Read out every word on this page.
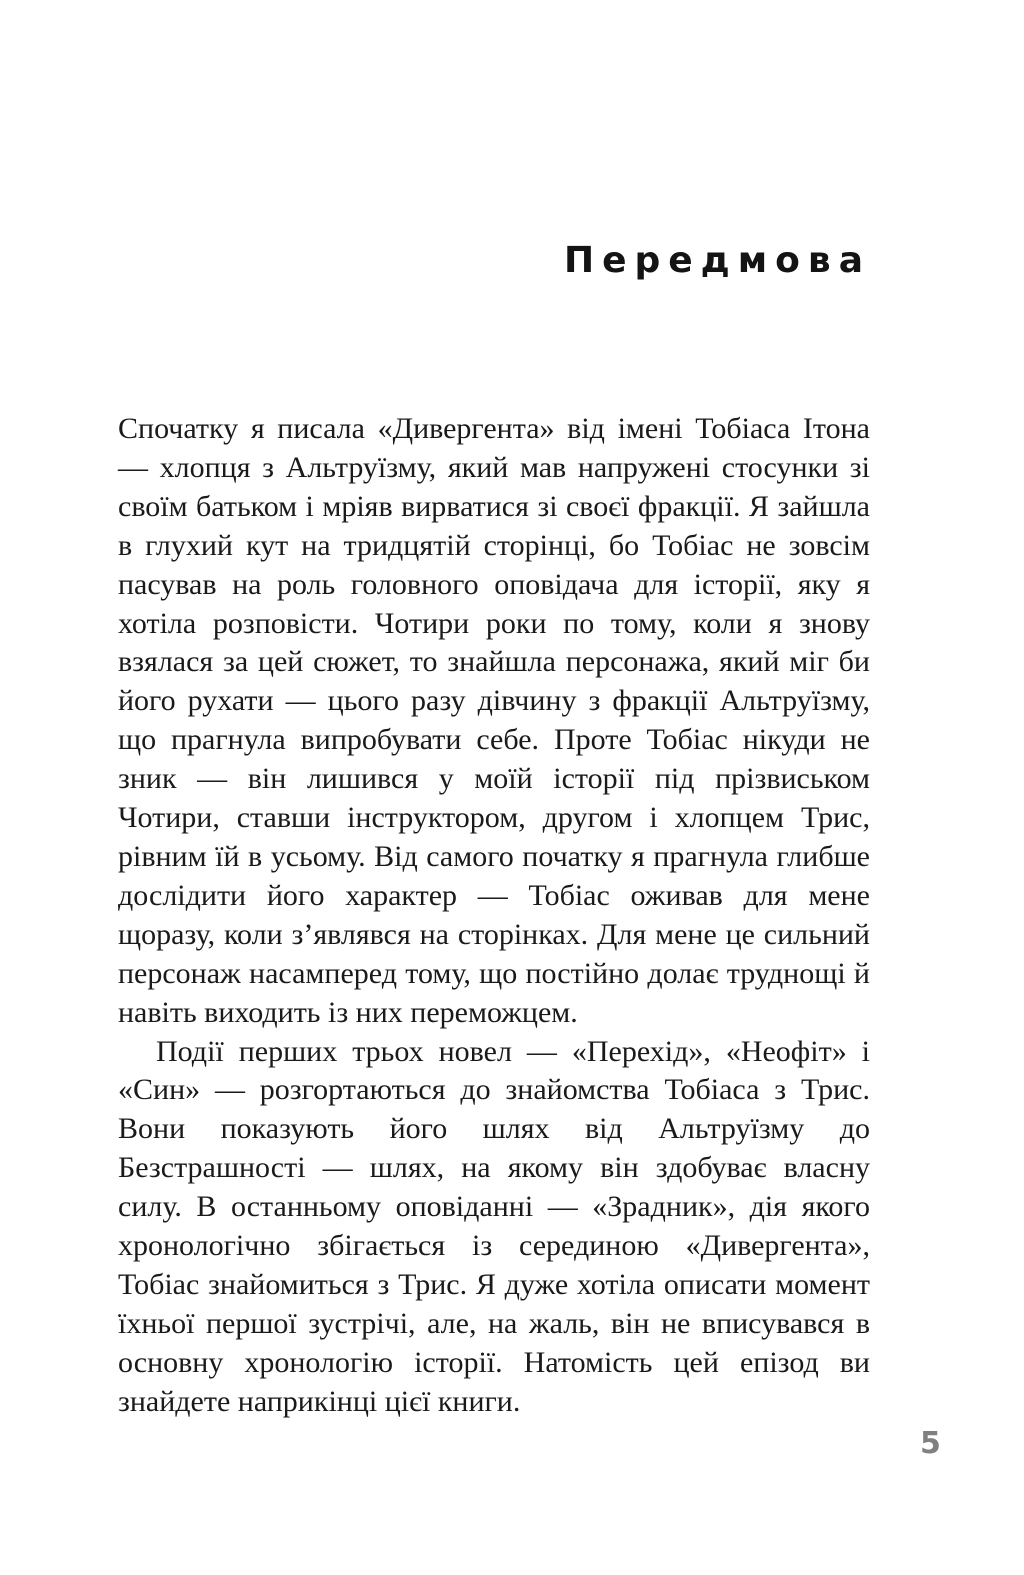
Передмова

Спочатку я писала «Дивергента» від імені Тобіаса Ітона — хлопця з Альтруїзму, який мав напружені стосунки зі своїм батьком і мріяв вирватися зі своєї фракції. Я зайшла в глухий кут на тридцятій сторінці, бо Тобіас не зовсім пасував на роль головного оповідача для історії, яку я хотіла розповісти. Чотири роки по тому, коли я знову взялася за цей сюжет, то знайшла персонажа, який міг би його рухати — цього разу дівчину з фракції Альтруїзму, що прагнула випробувати себе. Проте Тобіас нікуди не зник — він лишився у моїй історії під прізвиськом Чотири, ставши інструктором, другом і хлопцем Трис, рівним їй в усьому. Від самого початку я прагнула глибше дослідити його характер — Тобіас оживав для мене щоразу, коли з’являвся на сторінках. Для мене це сильний персонаж насамперед тому, що постійно долає труднощі й навіть виходить із них переможцем.

Події перших трьох новел — «Перехід», «Неофіт» і «Син» — розгортаються до знайомства Тобіаса з Трис. Вони показують його шлях від Альтруїзму до Безстрашності — шлях, на якому він здобуває власну силу. В останньому оповіданні — «Зрадник», дія якого хронологічно збігається із серединою «Дивергента», Тобіас знайомиться з Трис. Я дуже хотіла описати момент їхньої першої зустрічі, але, на жаль, він не вписувався в основну хронологію історії. Натомість цей епізод ви знайдете наприкінці цієї книги.

5
